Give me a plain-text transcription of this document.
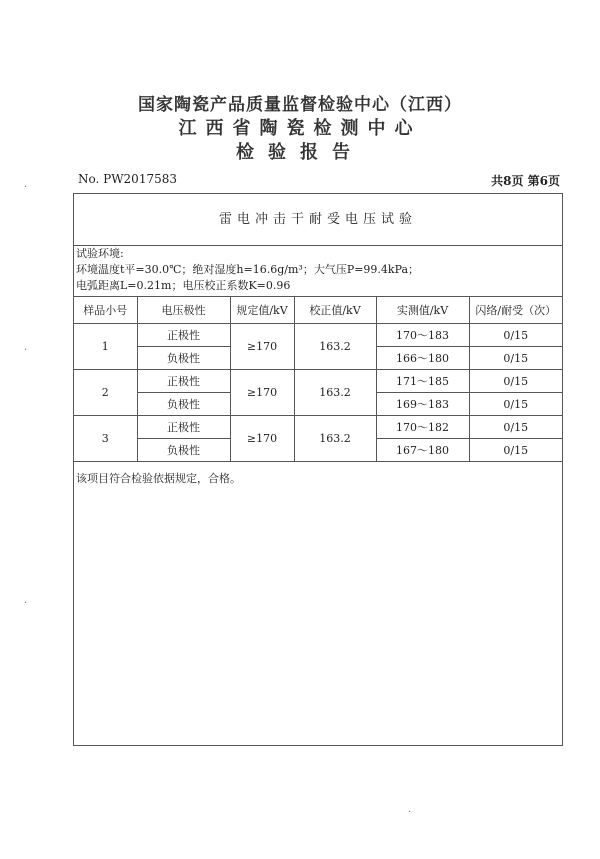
国家陶瓷产品质量监督检验中心（江西）
江西省陶瓷检测中心
检验报告
No. PW2017583	共8页 第6页
雷电冲击干耐受电压试验
试验环境:
环境温度t平=30.0℃；绝对湿度h=16.6g/m³；大气压P=99.4kPa；
电弧距离L=0.21m；电压校正系数K=0.96
样品小号	电压极性	规定值/kV	校正值/kV	实测值/kV	闪络/耐受（次）
1	正极性	≥170	163.2	170～183	0/15
	负极性			166～180	0/15
2	正极性	≥170	163.2	171～185	0/15
	负极性			169～183	0/15
3	正极性	≥170	163.2	170～182	0/15
	负极性			167～180	0/15
该项目符合检验依据规定，合格。
·
·
·
·
